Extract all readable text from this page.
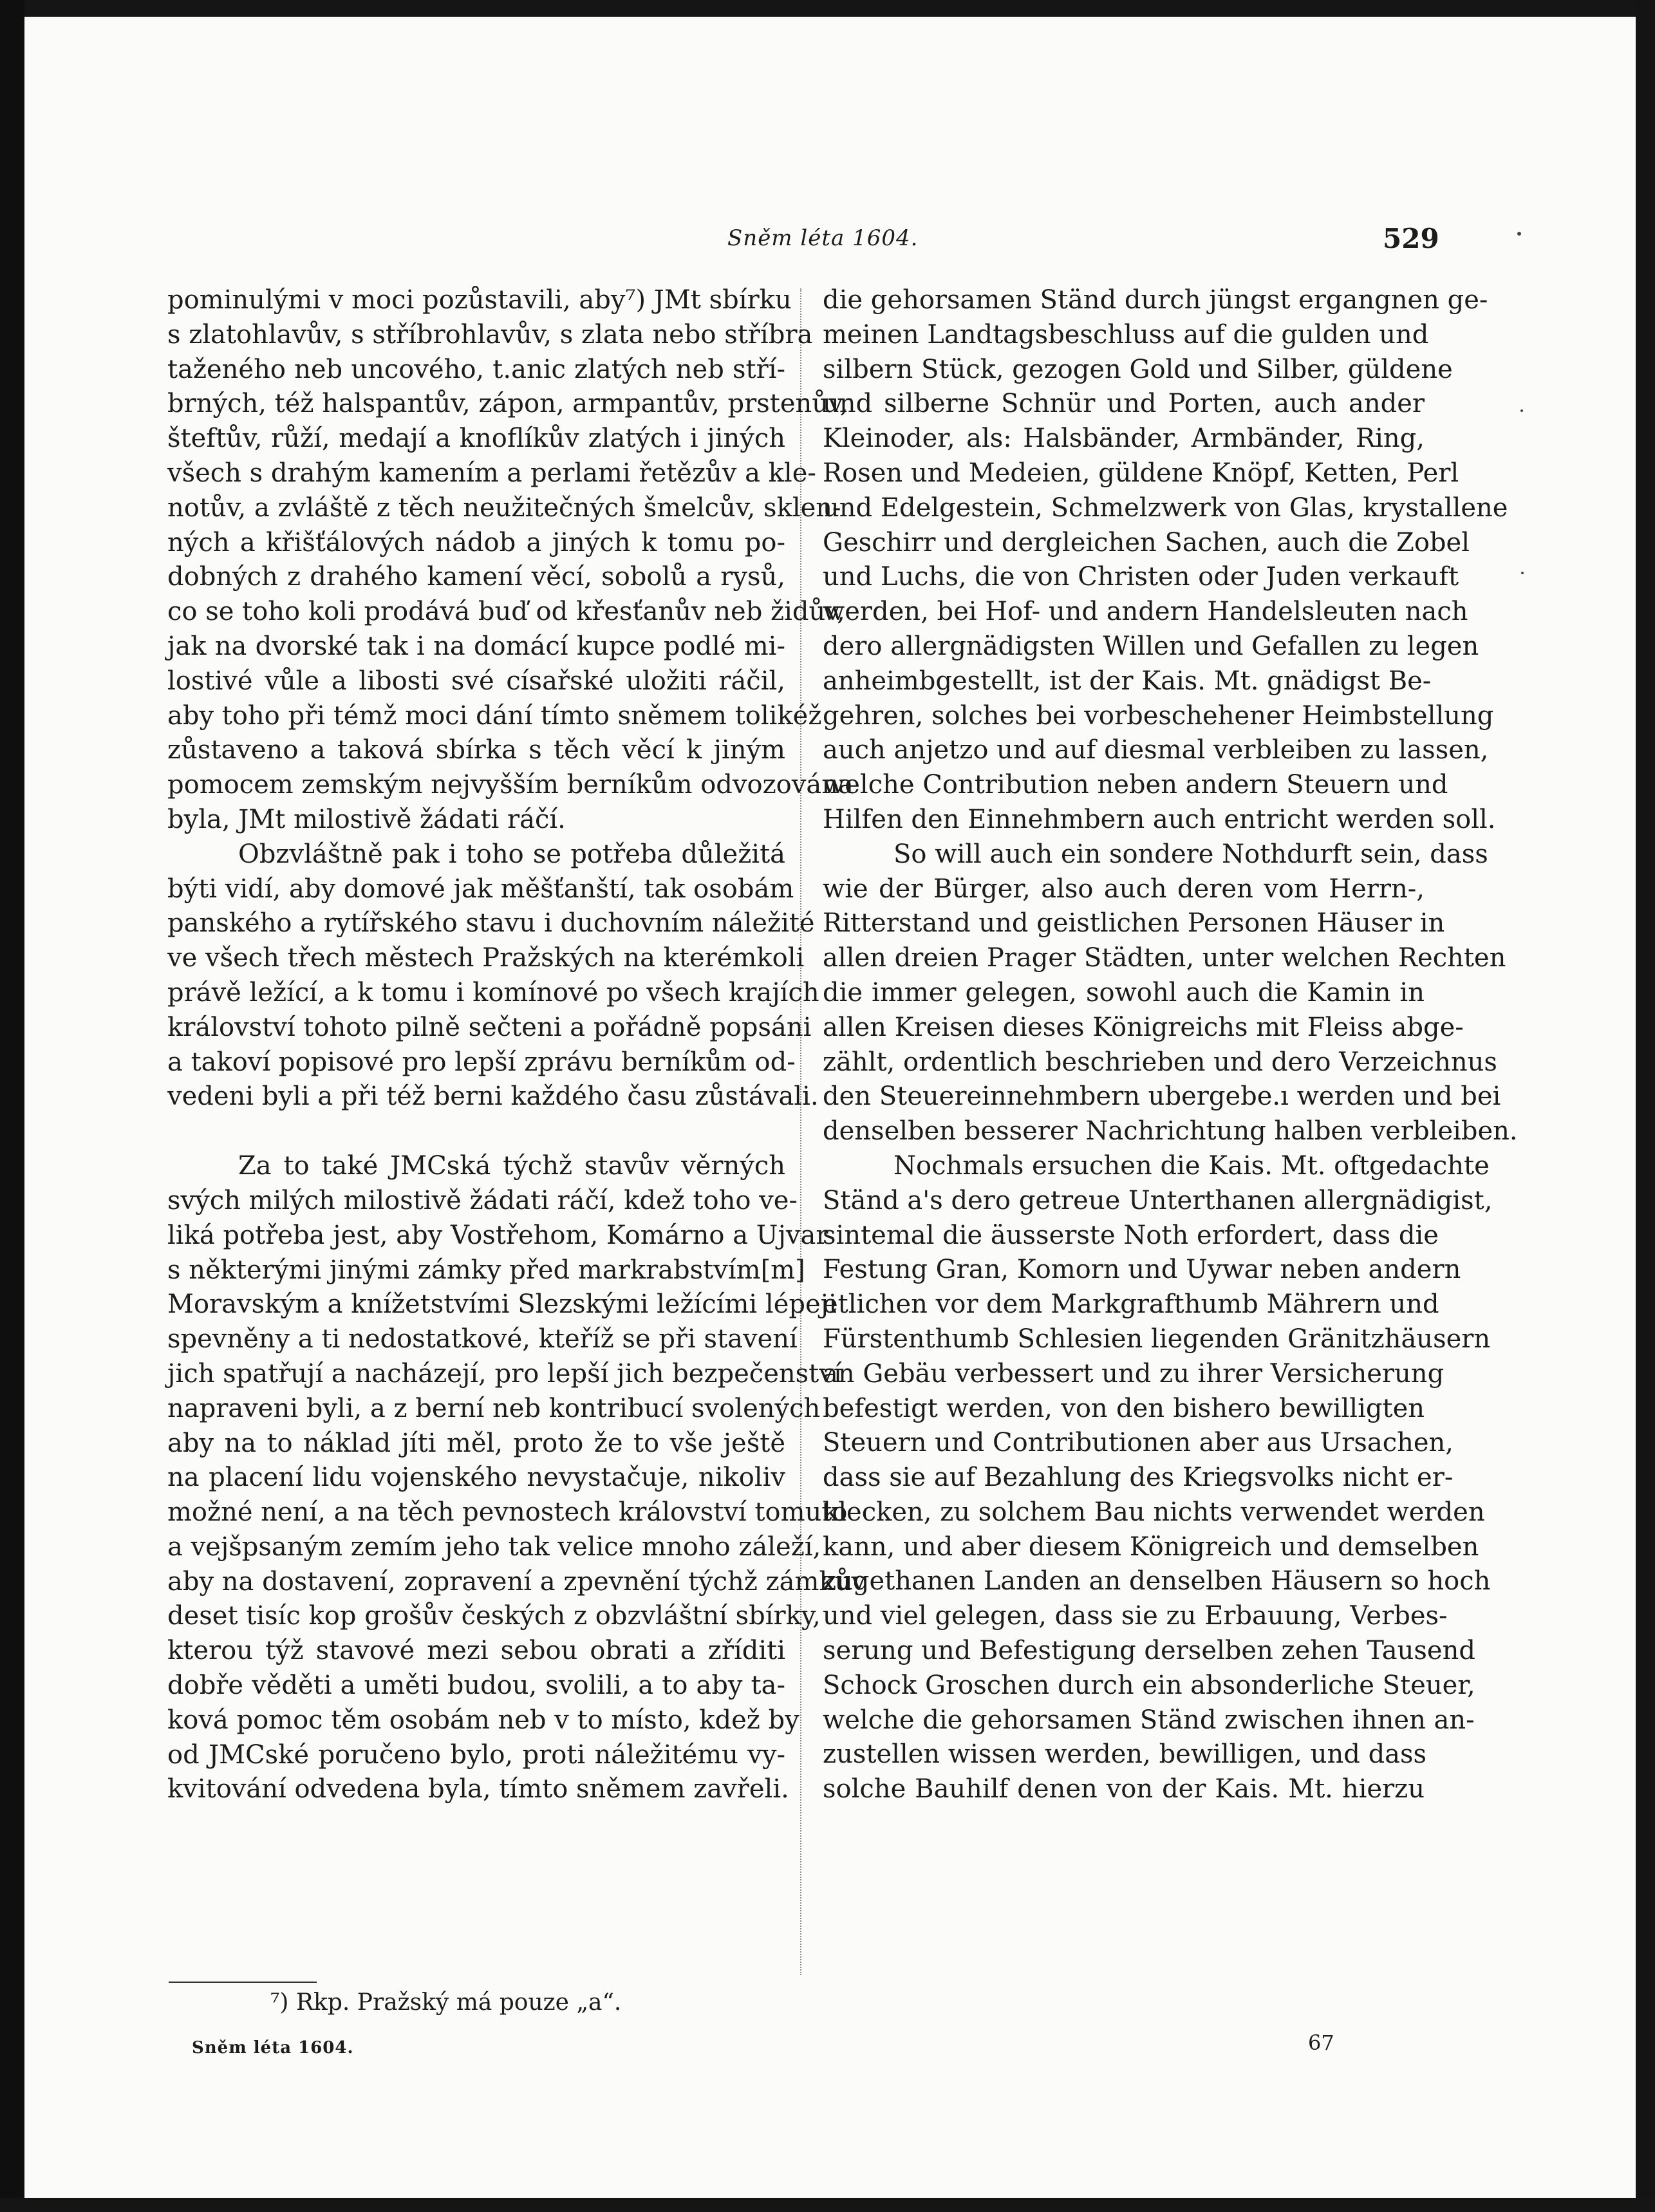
Sněm léta 1604.	529
pominulými v moci pozůstavili, aby⁷) JMt sbírku
s zlatohlavův, s stříbrohlavův, s zlata nebo stříbra
taženého neb uncového, t.anic zlatých neb stří-
brných, též halspantův, zápon, armpantův, prstenův,
šteftův, růží, medají a knoflíkův zlatých i jiných
všech s drahým kamením a perlami řetězův a kle-
notův, a zvláště z těch neužitečných šmelcův, sklen-
ných a křišťálových nádob a jiných k tomu po-
dobných z drahého kamení věcí, sobolů a rysů,
co se toho koli prodává buď od křesťanův neb židův,
jak na dvorské tak i na domácí kupce podlé mi-
lostivé vůle a libosti své císařské uložiti ráčil,
aby toho při témž moci dání tímto sněmem tolikéž
zůstaveno a taková sbírka s těch věcí k jiným
pomocem zemským nejvyšším berníkům odvozována
byla, JMt milostivě žádati ráčí.
Obzvláštně pak i toho se potřeba důležitá
býti vidí, aby domové jak měšťanští, tak osobám
panského a rytířského stavu i duchovním náležité
ve všech třech městech Pražských na kterémkoli
právě ležící, a k tomu i komínové po všech krajích
království tohoto pilně sečteni a pořádně popsáni
a takoví popisové pro lepší zprávu berníkům od-
vedeni byli a při též berni každého času zůstávali.
Za to také JMCská týchž stavův věrných
svých milých milostivě žádati ráčí, kdež toho ve-
liká potřeba jest, aby Vostřehom, Komárno a Ujvar
s některými jinými zámky před markrabstvím[m]
Moravským a knížetstvími Slezskými ležícími lépeji
spevněny a ti nedostatkové, kteříž se při stavení
jich spatřují a nacházejí, pro lepší jich bezpečenství
napraveni byli, a z berní neb kontribucí svolených
aby na to náklad jíti měl, proto že to vše ještě
na placení lidu vojenského nevystačuje, nikoliv
možné není, a na těch pevnostech království tomuto
a vejšpsaným zemím jeho tak velice mnoho záleží,
aby na dostavení, zopravení a zpevnění týchž zámkův
deset tisíc kop grošův českých z obzvláštní sbírky,
kterou týž stavové mezi sebou obrati a zříditi
dobře věděti a uměti budou, svolili, a to aby ta-
ková pomoc těm osobám neb v to místo, kdež by
od JMCské poručeno bylo, proti náležitému vy-
kvitování odvedena byla, tímto sněmem zavřeli.
die gehorsamen Ständ durch jüngst ergangnen ge-
meinen Landtagsbeschluss auf die gulden und
silbern Stück, gezogen Gold und Silber, güldene
und silberne Schnür und Porten, auch ander
Kleinoder, als: Halsbänder, Armbänder, Ring,
Rosen und Medeien, güldene Knöpf, Ketten, Perl
und Edelgestein, Schmelzwerk von Glas, krystallene
Geschirr und dergleichen Sachen, auch die Zobel
und Luchs, die von Christen oder Juden verkauft
werden, bei Hof- und andern Handelsleuten nach
dero allergnädigsten Willen und Gefallen zu legen
anheimbgestellt, ist der Kais. Mt. gnädigst Be-
gehren, solches bei vorbeschehener Heimbstellung
auch anjetzo und auf diesmal verbleiben zu lassen,
welche Contribution neben andern Steuern und
Hilfen den Einnehmbern auch entricht werden soll.
So will auch ein sondere Nothdurft sein, dass
wie der Bürger, also auch deren vom Herrn-,
Ritterstand und geistlichen Personen Häuser in
allen dreien Prager Städten, unter welchen Rechten
die immer gelegen, sowohl auch die Kamin in
allen Kreisen dieses Königreichs mit Fleiss abge-
zählt, ordentlich beschrieben und dero Verzeichnus
den Steuereinnehmbern ubergebe.ı werden und bei
denselben besserer Nachrichtung halben verbleiben.
Nochmals ersuchen die Kais. Mt. oftgedachte
Ständ a's dero getreue Unterthanen allergnädigist,
sintemal die äusserste Noth erfordert, dass die
Festung Gran, Komorn und Uywar neben andern
etlichen vor dem Markgrafthumb Mährern und
Fürstenthumb Schlesien liegenden Gränitzhäusern
an Gebäu verbessert und zu ihrer Versicherung
befestigt werden, von den bishero bewilligten
Steuern und Contributionen aber aus Ursachen,
dass sie auf Bezahlung des Kriegsvolks nicht er-
klecken, zu solchem Bau nichts verwendet werden
kann, und aber diesem Königreich und demselben
zugethanen Landen an denselben Häusern so hoch
und viel gelegen, dass sie zu Erbauung, Verbes-
serung und Befestigung derselben zehen Tausend
Schock Groschen durch ein absonderliche Steuer,
welche die gehorsamen Ständ zwischen ihnen an-
zustellen wissen werden, bewilligen, und dass
solche Bauhilf denen von der Kais. Mt. hierzu
⁷) Rkp. Pražský má pouze „a“.
Sněm léta 1604.	67
